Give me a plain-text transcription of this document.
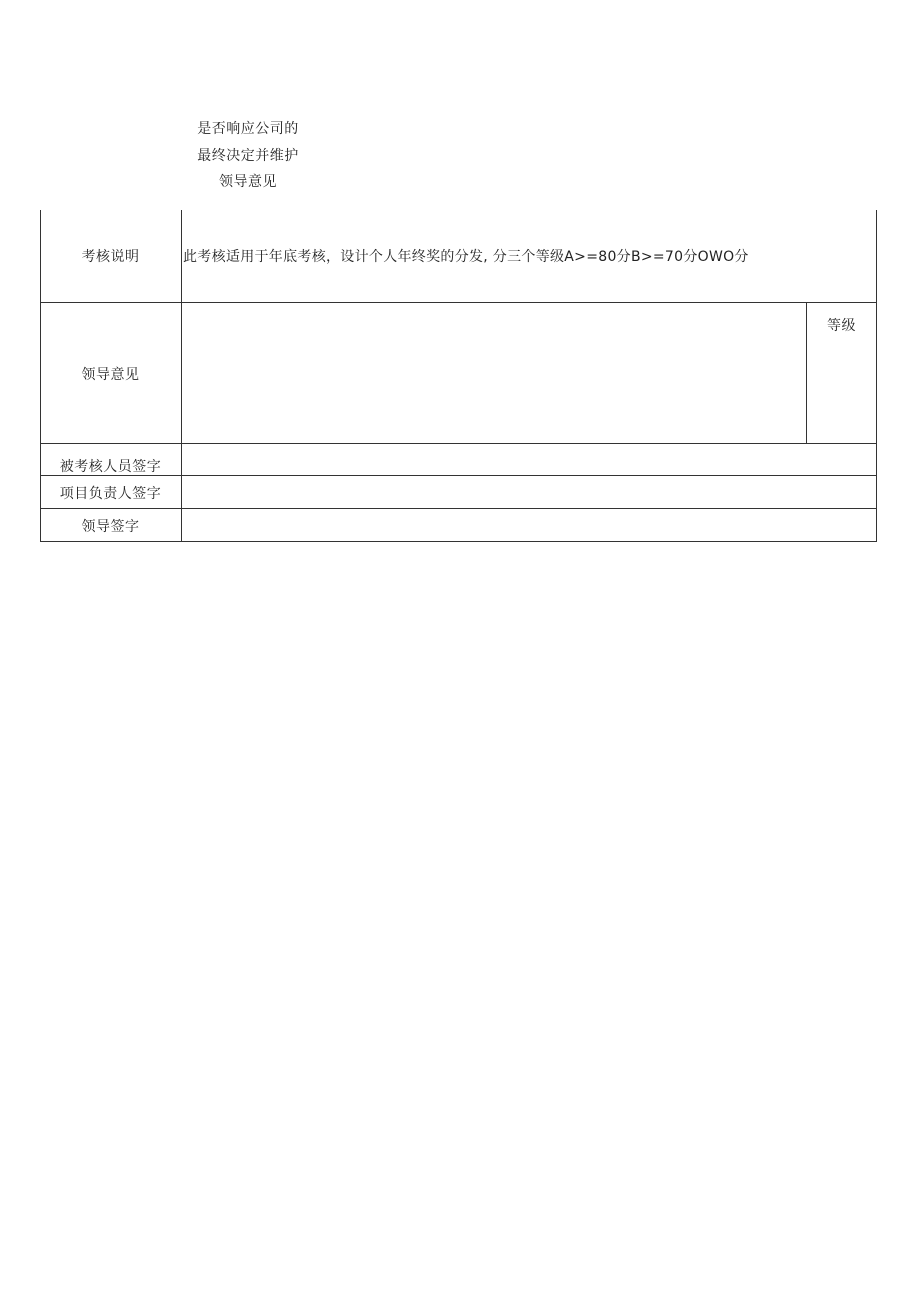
是否响应公司的
最终决定并维护
领导意见
考核说明	此考核适用于年底考核，设计个人年终奖的分发, 分三个等级A>=80分B>=70分OWO分
领导意见
等级
被考核人员签字
项目负责人签字
领导签字
